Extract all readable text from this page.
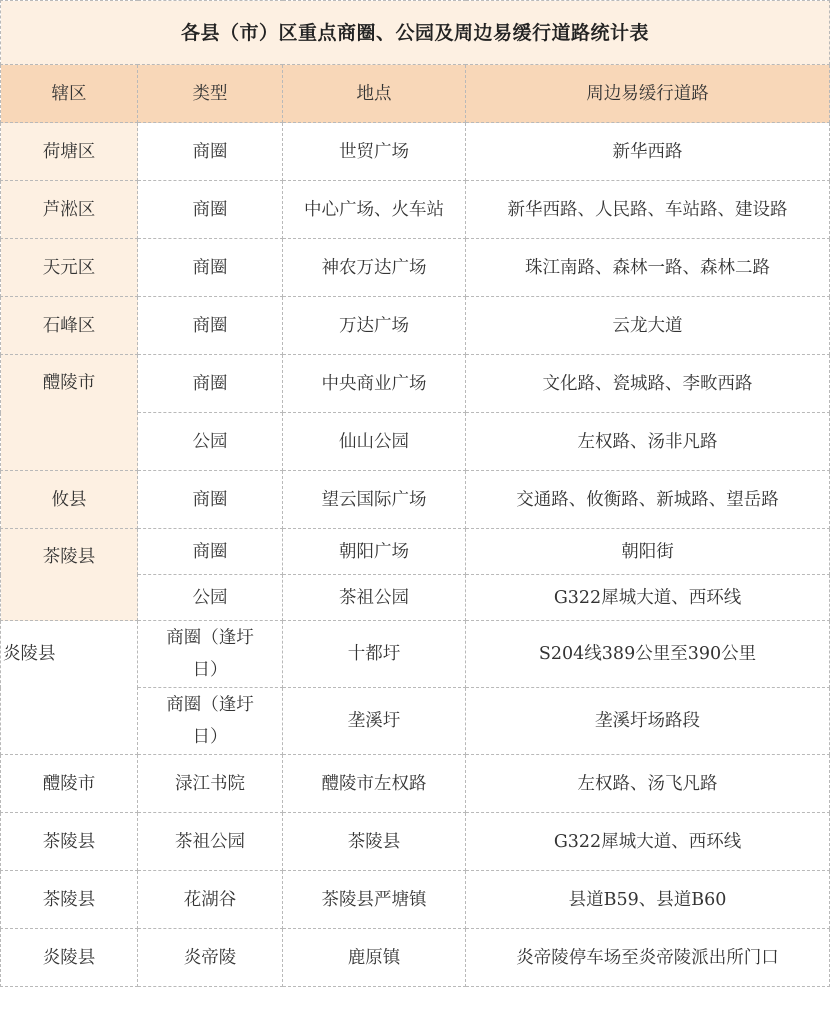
各县（市）区重点商圈、公园及周边易缓行道路统计表			
辖区	类型	地点	周边易缓行道路
荷塘区	商圈	世贸广场	新华西路
芦淞区	商圈	中心广场、火车站	新华西路、人民路、车站路、建设路
天元区	商圈	神农万达广场	珠江南路、森林一路、森林二路
石峰区	商圈	万达广场	云龙大道
醴陵市	商圈	中央商业广场	文化路、瓷城路、李畋西路
	公园	仙山公园	左权路、汤非凡路
攸县	商圈	望云国际广场	交通路、攸衡路、新城路、望岳路
茶陵县	商圈	朝阳广场	朝阳街
	公园	茶祖公园	G322犀城大道、西环线
炎陵县	商圈（逢圩日）	十都圩	S204线389公里至390公里
	商圈（逢圩日）	垄溪圩	垄溪圩场路段
醴陵市	渌江书院	醴陵市左权路	左权路、汤飞凡路
茶陵县	茶祖公园	茶陵县	G322犀城大道、西环线
茶陵县	花湖谷	茶陵县严塘镇	县道B59、县道B60
炎陵县	炎帝陵	鹿原镇	炎帝陵停车场至炎帝陵派出所门口
